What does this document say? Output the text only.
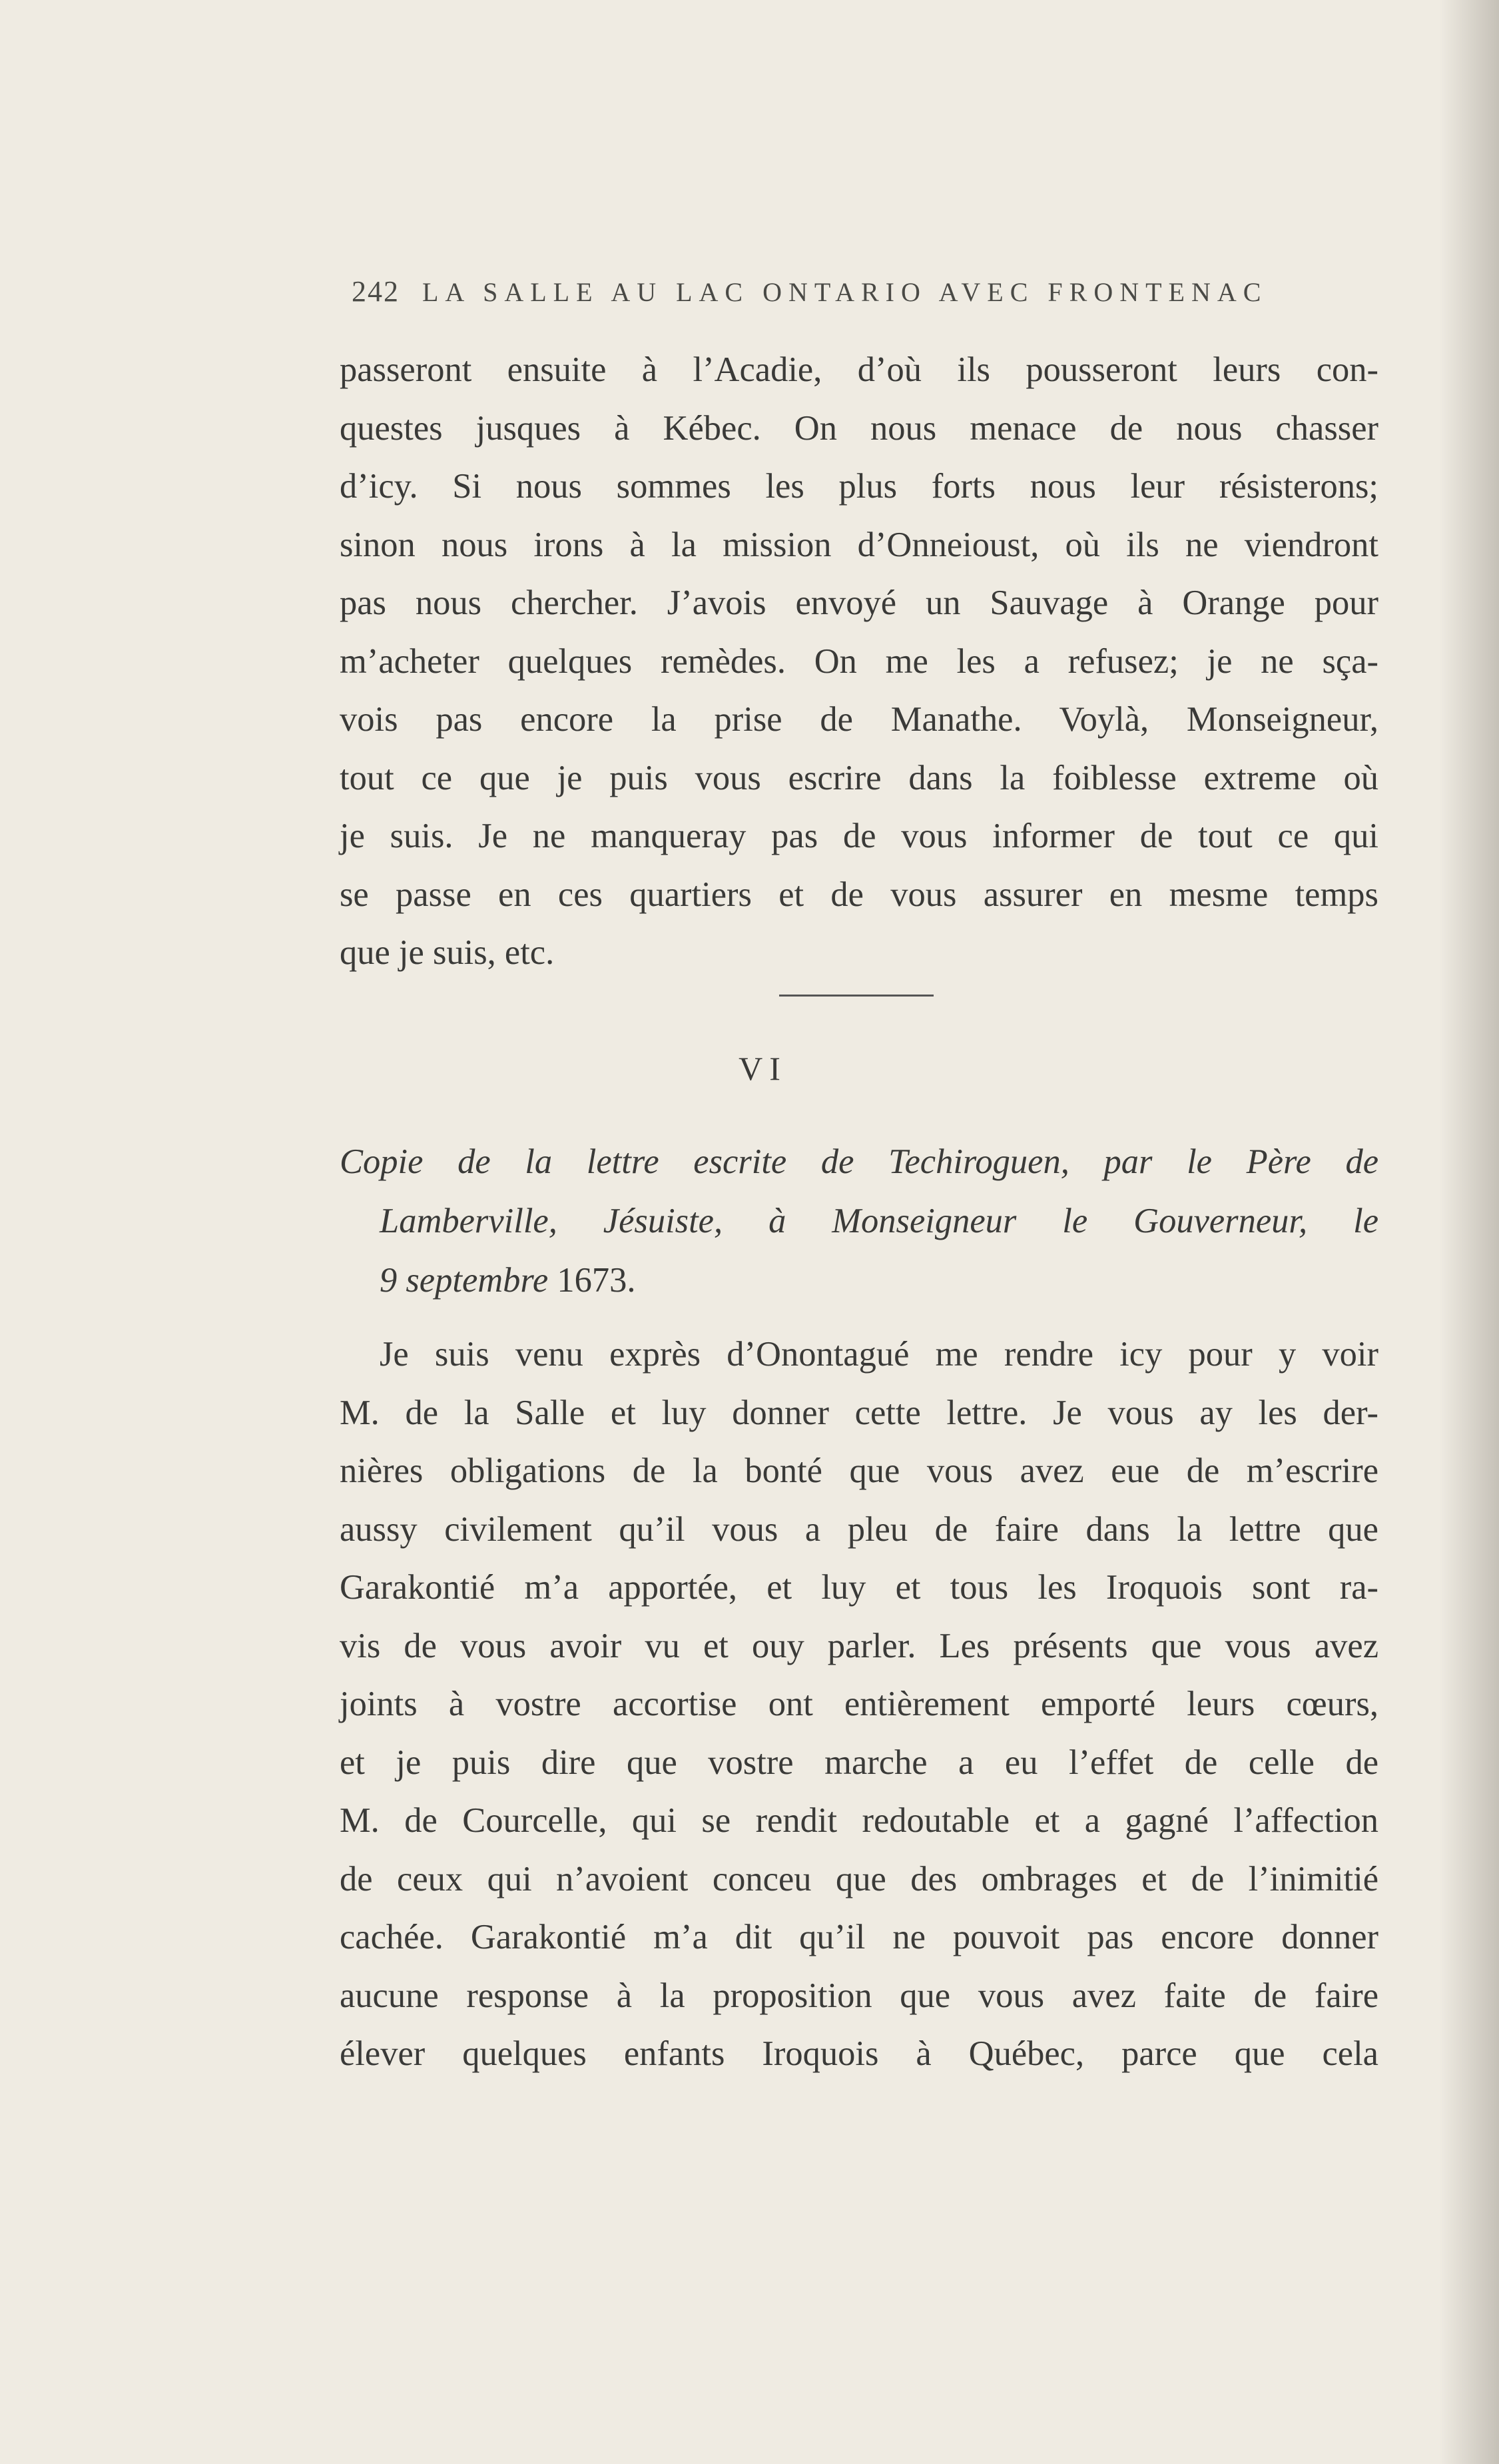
242 LA SALLE AU LAC ONTARIO AVEC FRONTENAC

passeront ensuite à l’Acadie, d’où ils pousseront leurs con-

questes jusques à Kébec. On nous menace de nous chasser

d’icy. Si nous sommes les plus forts nous leur résisterons;

sinon nous irons à la mission d’Onneioust, où ils ne viendront

pas nous chercher. J’avois envoyé un Sauvage à Orange pour

m’acheter quelques remèdes. On me les a refusez; je ne sça-

vois pas encore la prise de Manathe. Voylà, Monseigneur,

tout ce que je puis vous escrire dans la foiblesse extreme où

je suis. Je ne manqueray pas de vous informer de tout ce qui

se passe en ces quartiers et de vous assurer en mesme temps

que je suis, etc.

VI
Copie de la lettre escrite de Techiroguen, par le Père de
Lamberville, Jésuiste, à Monseigneur le Gouverneur, le
9 septembre 1673.

Je suis venu exprès d’Onontagué me rendre icy pour y voir

M. de la Salle et luy donner cette lettre. Je vous ay les der-

nières obligations de la bonté que vous avez eue de m’escrire

aussy civilement qu’il vous a pleu de faire dans la lettre que

Garakontié m’a apportée, et luy et tous les Iroquois sont ra-

vis de vous avoir vu et ouy parler. Les présents que vous avez

joints à vostre accortise ont entièrement emporté leurs cœurs,

et je puis dire que vostre marche a eu l’effet de celle de

M. de Courcelle, qui se rendit redoutable et a gagné l’affection

de ceux qui n’avoient conceu que des ombrages et de l’inimitié

cachée. Garakontié m’a dit qu’il ne pouvoit pas encore donner

aucune response à la proposition que vous avez faite de faire

élever quelques enfants Iroquois à Québec, parce que cela
